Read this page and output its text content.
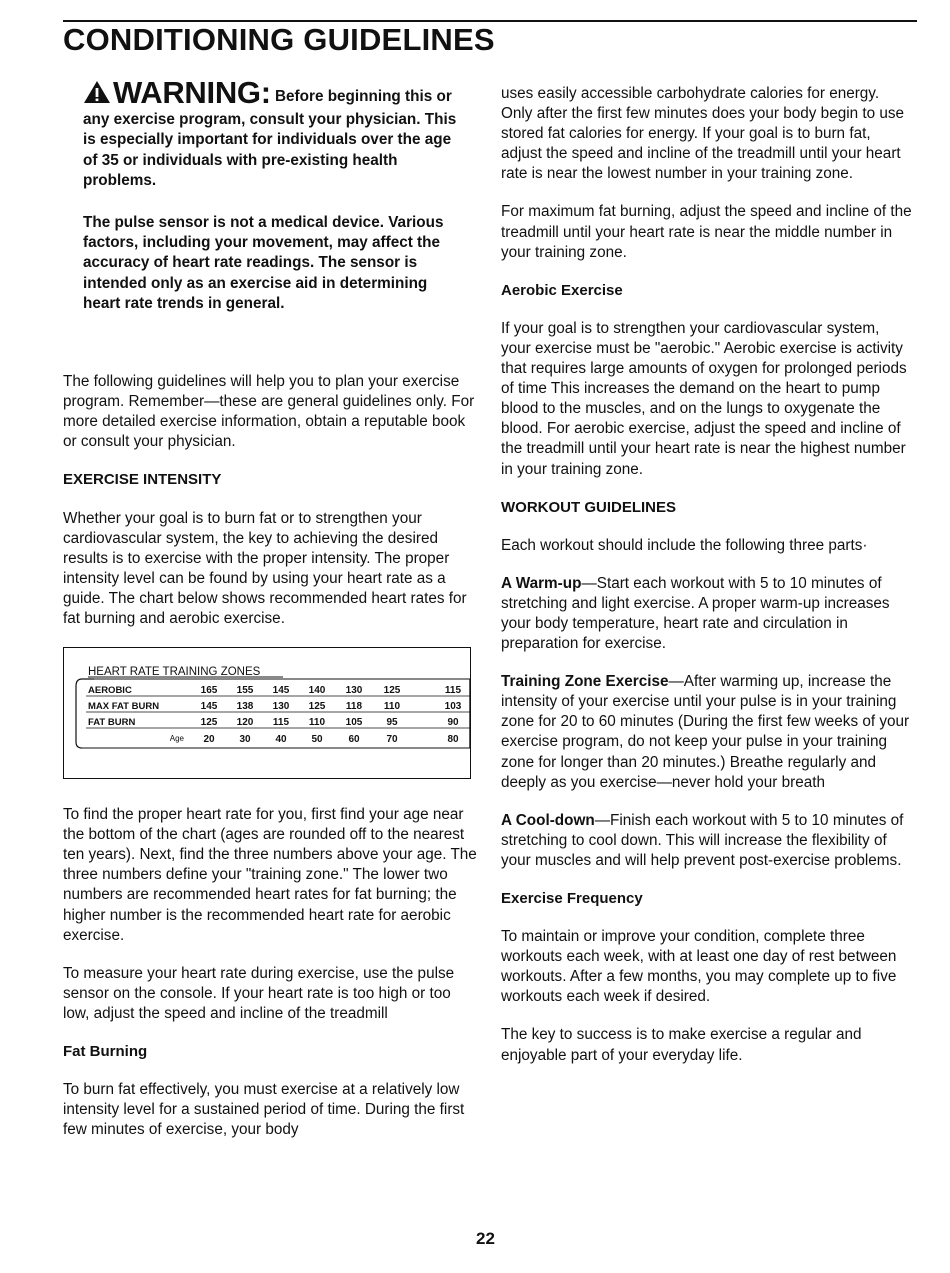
CONDITIONING GUIDELINES

WARNING: Before beginning this or any exercise program, consult your physician. This is especially important for individuals over the age of 35 or individuals with pre-existing health problems.

The pulse sensor is not a medical device. Various factors, including your movement, may affect the accuracy of heart rate readings. The sensor is intended only as an exercise aid in determining heart rate trends in general.

The following guidelines will help you to plan your exercise program. Remember—these are general guidelines only. For more detailed exercise information, obtain a reputable book or consult your physician.

EXERCISE INTENSITY

Whether your goal is to burn fat or to strengthen your cardiovascular system, the key to achieving the desired results is to exercise with the proper intensity. The proper intensity level can be found by using your heart rate as a guide. The chart below shows recommended heart rates for fat burning and aerobic exercise.

HEART RATE TRAINING ZONES
AEROBIC	165 155 145 140 130 125	115
MAX FAT BURN	145 138 130 125 118 110	103
FAT BURN	125 120 115 110 105 95	90
Age 20 30 40 50	60	70	80

To find the proper heart rate for you, first find your age near the bottom of the chart (ages are rounded off to the nearest ten years). Next, find the three numbers above your age. The three numbers define your "training zone." The lower two numbers are recommended heart rates for fat burning; the higher number is the recommended heart rate for aerobic exercise.

To measure your heart rate during exercise, use the pulse sensor on the console. If your heart rate is too high or too low, adjust the speed and incline of the treadmill

Fat Burning

To burn fat effectively, you must exercise at a relatively low intensity level for a sustained period of time. During the first few minutes of exercise, your body

uses easily accessible carbohydrate calories for energy. Only after the first few minutes does your body begin to use stored fat calories for energy. If your goal is to burn fat, adjust the speed and incline of the treadmill until your heart rate is near the lowest number in your training zone.

For maximum fat burning, adjust the speed and incline of the treadmill until your heart rate is near the middle number in your training zone.

Aerobic Exercise

If your goal is to strengthen your cardiovascular system, your exercise must be "aerobic." Aerobic exercise is activity that requires large amounts of oxygen for prolonged periods of time This increases the demand on the heart to pump blood to the muscles, and on the lungs to oxygenate the blood. For aerobic exercise, adjust the speed and incline of the treadmill until your heart rate is near the highest number in your training zone.

WORKOUT GUIDELINES

Each workout should include the following three parts·

A Warm-up—Start each workout with 5 to 10 minutes of stretching and light exercise. A proper warm-up increases your body temperature, heart rate and circulation in preparation for exercise.

Training Zone Exercise—After warming up, increase the intensity of your exercise until your pulse is in your training zone for 20 to 60 minutes (During the first few weeks of your exercise program, do not keep your pulse in your training zone for longer than 20 minutes.) Breathe regularly and deeply as you exercise—never hold your breath

A Cool-down—Finish each workout with 5 to 10 minutes of stretching to cool down. This will increase the flexibility of your muscles and will help prevent post-exercise problems.

Exercise Frequency

To maintain or improve your condition, complete three workouts each week, with at least one day of rest between workouts. After a few months, you may complete up to five workouts each week if desired.

The key to success is to make exercise a regular and enjoyable part of your everyday life.

22
